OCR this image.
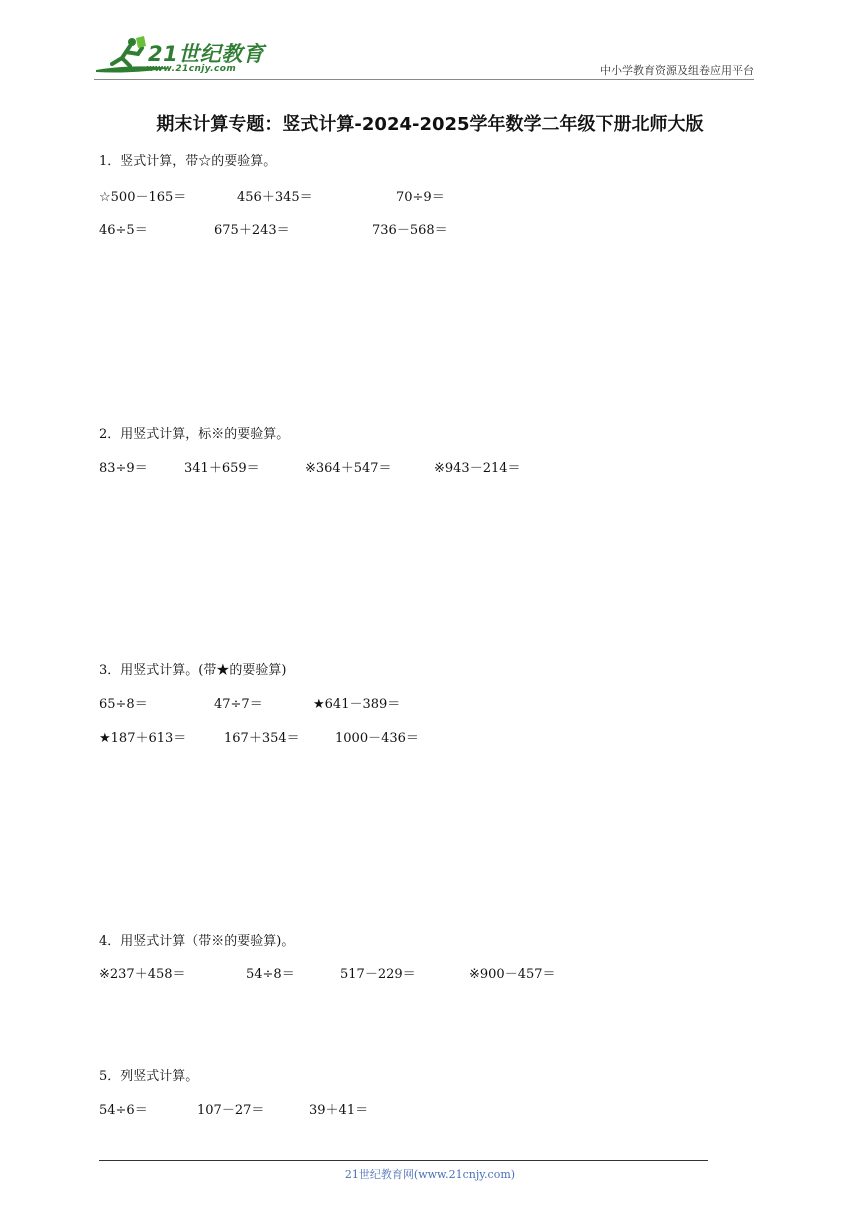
21世纪教育
www.21cnjy.com	中小学教育资源及组卷应用平台
期末计算专题：竖式计算-2024-2025学年数学二年级下册北师大版
1．竖式计算，带☆的要验算。
☆500－165＝	456＋345＝	70÷9＝
46÷5＝	675＋243＝	736－568＝
2．用竖式计算，标※的要验算。
83÷9＝	341＋659＝	※364＋547＝	※943－214＝
3．用竖式计算。(带★的要验算)
65÷8＝	47÷7＝	★641－389＝
★187＋613＝	167＋354＝	1000－436＝
4．用竖式计算（带※的要验算)。
※237＋458＝	54÷8＝	517－229＝	※900－457＝
5．列竖式计算。
54÷6＝	107－27＝	39＋41＝
21世纪教育网(www.21cnjy.com)
